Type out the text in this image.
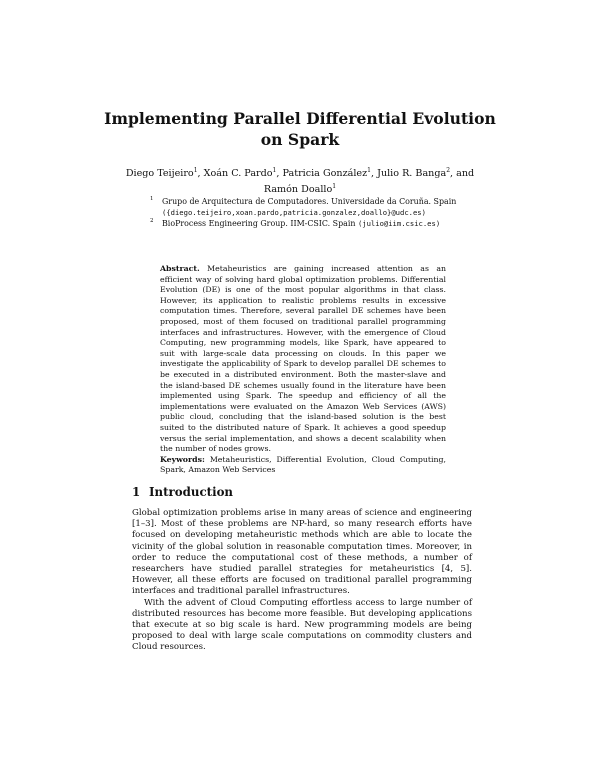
Implementing Parallel Differential Evolution on Spark
Diego Teijeiro$^1$, Xoán C. Pardo$^1$, Patricia González$^1$, Julio R. Banga$^2$, and
Ramón Doallo$^1$
1 Grupo de Arquitectura de Computadores. Universidade da Coruña. Spain
({diego.teijeiro,xoan.pardo,patricia.gonzalez,doallo}@udc.es)
2 BioProcess Engineering Group. IIM-CSIC. Spain (julio@iim.csic.es)
Abstract. Metaheuristics are gaining increased attention as an efficient way of solving hard global optimization problems. Differential Evolution (DE) is one of the most popular algorithms in that class. However, its application to realistic problems results in excessive computation times. Therefore, several parallel DE schemes have been proposed, most of them focused on traditional parallel programming interfaces and infrastructures. However, with the emergence of Cloud Computing, new programming models, like Spark, have appeared to suit with large-scale data processing on clouds. In this paper we investigate the applicability of Spark to develop parallel DE schemes to be executed in a distributed environment. Both the master-slave and the island-based DE schemes usually found in the literature have been implemented using Spark. The speedup and efficiency of all the implementations were evaluated on the Amazon Web Services (AWS) public cloud, concluding that the island-based solution is the best suited to the distributed nature of Spark. It achieves a good speedup versus the serial implementation, and shows a decent scalability when the number of nodes grows.
Keywords: Metaheuristics, Differential Evolution, Cloud Computing, Spark, Amazon Web Services
1 Introduction

Global optimization problems arise in many areas of science and engineering [1–3]. Most of these problems are NP-hard, so many research efforts have focused on developing metaheuristic methods which are able to locate the vicinity of the global solution in reasonable computation times. Moreover, in order to reduce the computational cost of these methods, a number of researchers have studied parallel strategies for metaheuristics [4, 5]. However, all these efforts are focused on traditional parallel programming interfaces and traditional parallel infrastructures.

With the advent of Cloud Computing effortless access to large number of distributed resources has become more feasible. But developing applications that execute at so big scale is hard. New programming models are being proposed to deal with large scale computations on commodity clusters and Cloud resources.
